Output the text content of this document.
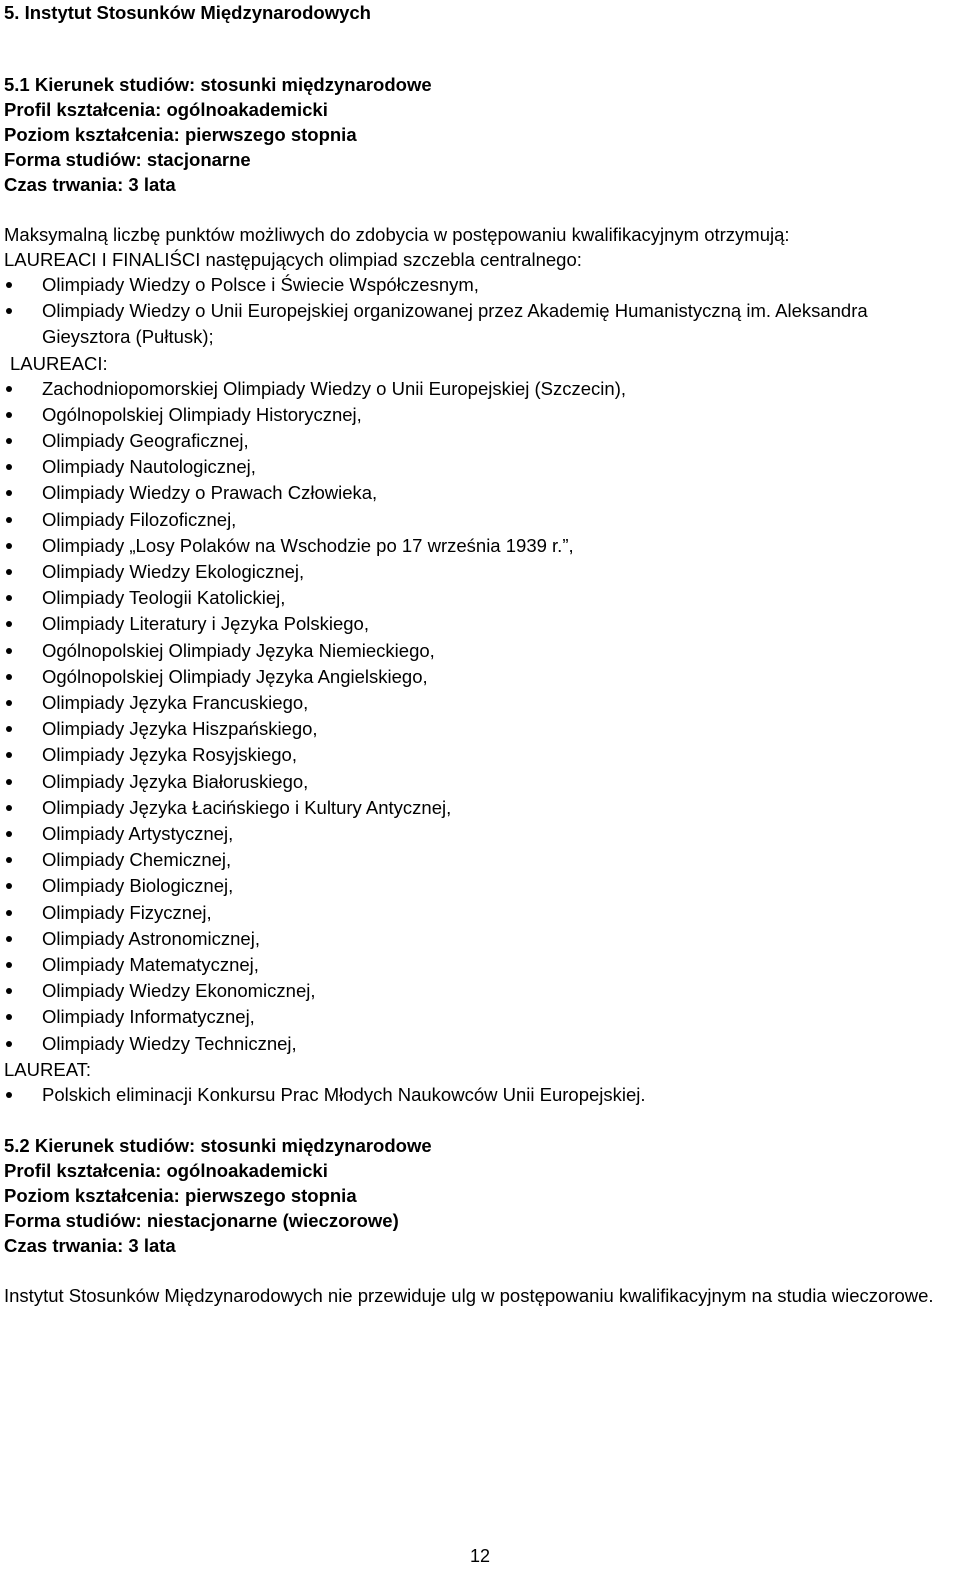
5. Instytut Stosunków Międzynarodowych
5.1 Kierunek studiów: stosunki międzynarodowe
Profil kształcenia: ogólnoakademicki
Poziom kształcenia: pierwszego stopnia
Forma studiów: stacjonarne
Czas trwania: 3 lata
Maksymalną liczbę punktów możliwych do zdobycia w postępowaniu kwalifikacyjnym otrzymują:
LAUREACI I FINALIŚCI następujących olimpiad szczebla centralnego:
Olimpiady Wiedzy o Polsce i Świecie Współczesnym,
Olimpiady Wiedzy o Unii Europejskiej organizowanej przez Akademię Humanistyczną im. Aleksandra Gieysztora (Pułtusk);
LAUREACI:
Zachodniopomorskiej Olimpiady Wiedzy o Unii Europejskiej (Szczecin),
Ogólnopolskiej Olimpiady Historycznej,
Olimpiady Geograficznej,
Olimpiady Nautologicznej,
Olimpiady Wiedzy o Prawach Człowieka,
Olimpiady Filozoficznej,
Olimpiady „Losy Polaków na Wschodzie po 17 września 1939 r.”,
Olimpiady Wiedzy Ekologicznej,
Olimpiady Teologii Katolickiej,
Olimpiady Literatury i Języka Polskiego,
Ogólnopolskiej Olimpiady Języka Niemieckiego,
Ogólnopolskiej Olimpiady Języka Angielskiego,
Olimpiady Języka Francuskiego,
Olimpiady Języka Hiszpańskiego,
Olimpiady Języka Rosyjskiego,
Olimpiady Języka Białoruskiego,
Olimpiady Języka Łacińskiego i Kultury Antycznej,
Olimpiady Artystycznej,
Olimpiady Chemicznej,
Olimpiady Biologicznej,
Olimpiady Fizycznej,
Olimpiady Astronomicznej,
Olimpiady Matematycznej,
Olimpiady Wiedzy Ekonomicznej,
Olimpiady Informatycznej,
Olimpiady Wiedzy Technicznej,
LAUREAT:
Polskich eliminacji Konkursu Prac Młodych Naukowców Unii Europejskiej.
5.2 Kierunek studiów: stosunki międzynarodowe
Profil kształcenia: ogólnoakademicki
Poziom kształcenia: pierwszego stopnia
Forma studiów: niestacjonarne (wieczorowe)
Czas trwania: 3 lata
Instytut Stosunków Międzynarodowych nie przewiduje ulg w postępowaniu kwalifikacyjnym na studia wieczorowe.
12
